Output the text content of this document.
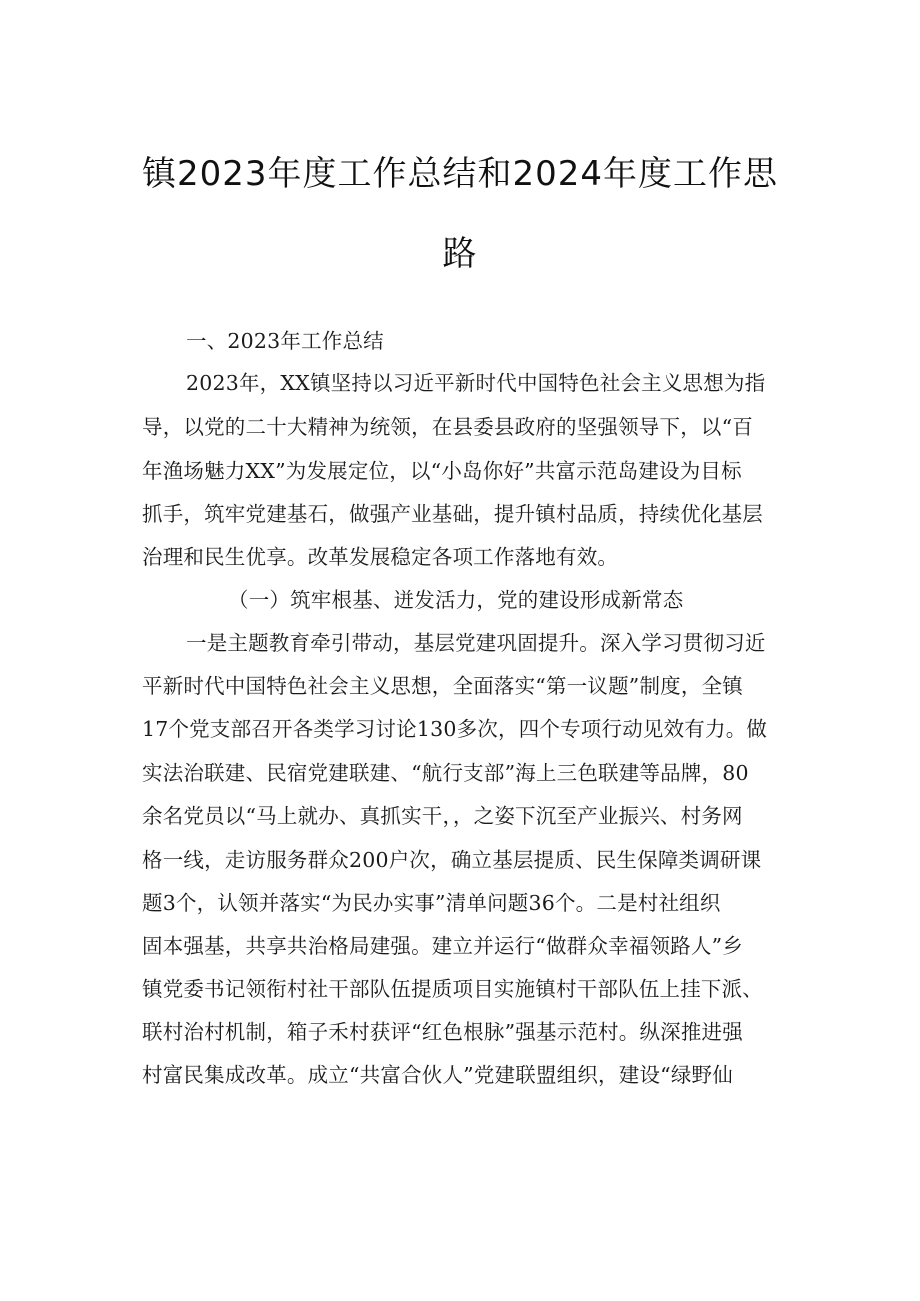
镇2023年度工作总结和2024年度工作思
路
一、2023年工作总结
2023年，XX镇坚持以习近平新时代中国特色社会主义思想为指
导，以党的二十大精神为统领，在县委县政府的坚强领导下，以“百
年渔场魅力XX”为发展定位，以“小岛你好”共富示范岛建设为目标
抓手，筑牢党建基石，做强产业基础，提升镇村品质，持续优化基层
治理和民生优享。改革发展稳定各项工作落地有效。
（一）筑牢根基、迸发活力，党的建设形成新常态
一是主题教育牵引带动，基层党建巩固提升。深入学习贯彻习近
平新时代中国特色社会主义思想，全面落实“第一议题”制度，全镇
17个党支部召开各类学习讨论130多次，四个专项行动见效有力。做
实法治联建、民宿党建联建、“航行支部”海上三色联建等品牌，80
余名党员以“马上就办、真抓实干，，之姿下沉至产业振兴、村务网
格一线，走访服务群众200户次，确立基层提质、民生保障类调研课
题3个，认领并落实“为民办实事”清单问题36个。二是村社组织
固本强基，共享共治格局建强。建立并运行“做群众幸福领路人”乡
镇党委书记领衔村社干部队伍提质项目实施镇村干部队伍上挂下派、
联村治村机制，箱子禾村获评“红色根脉”强基示范村。纵深推进强
村富民集成改革。成立“共富合伙人”党建联盟组织，建设“绿野仙
